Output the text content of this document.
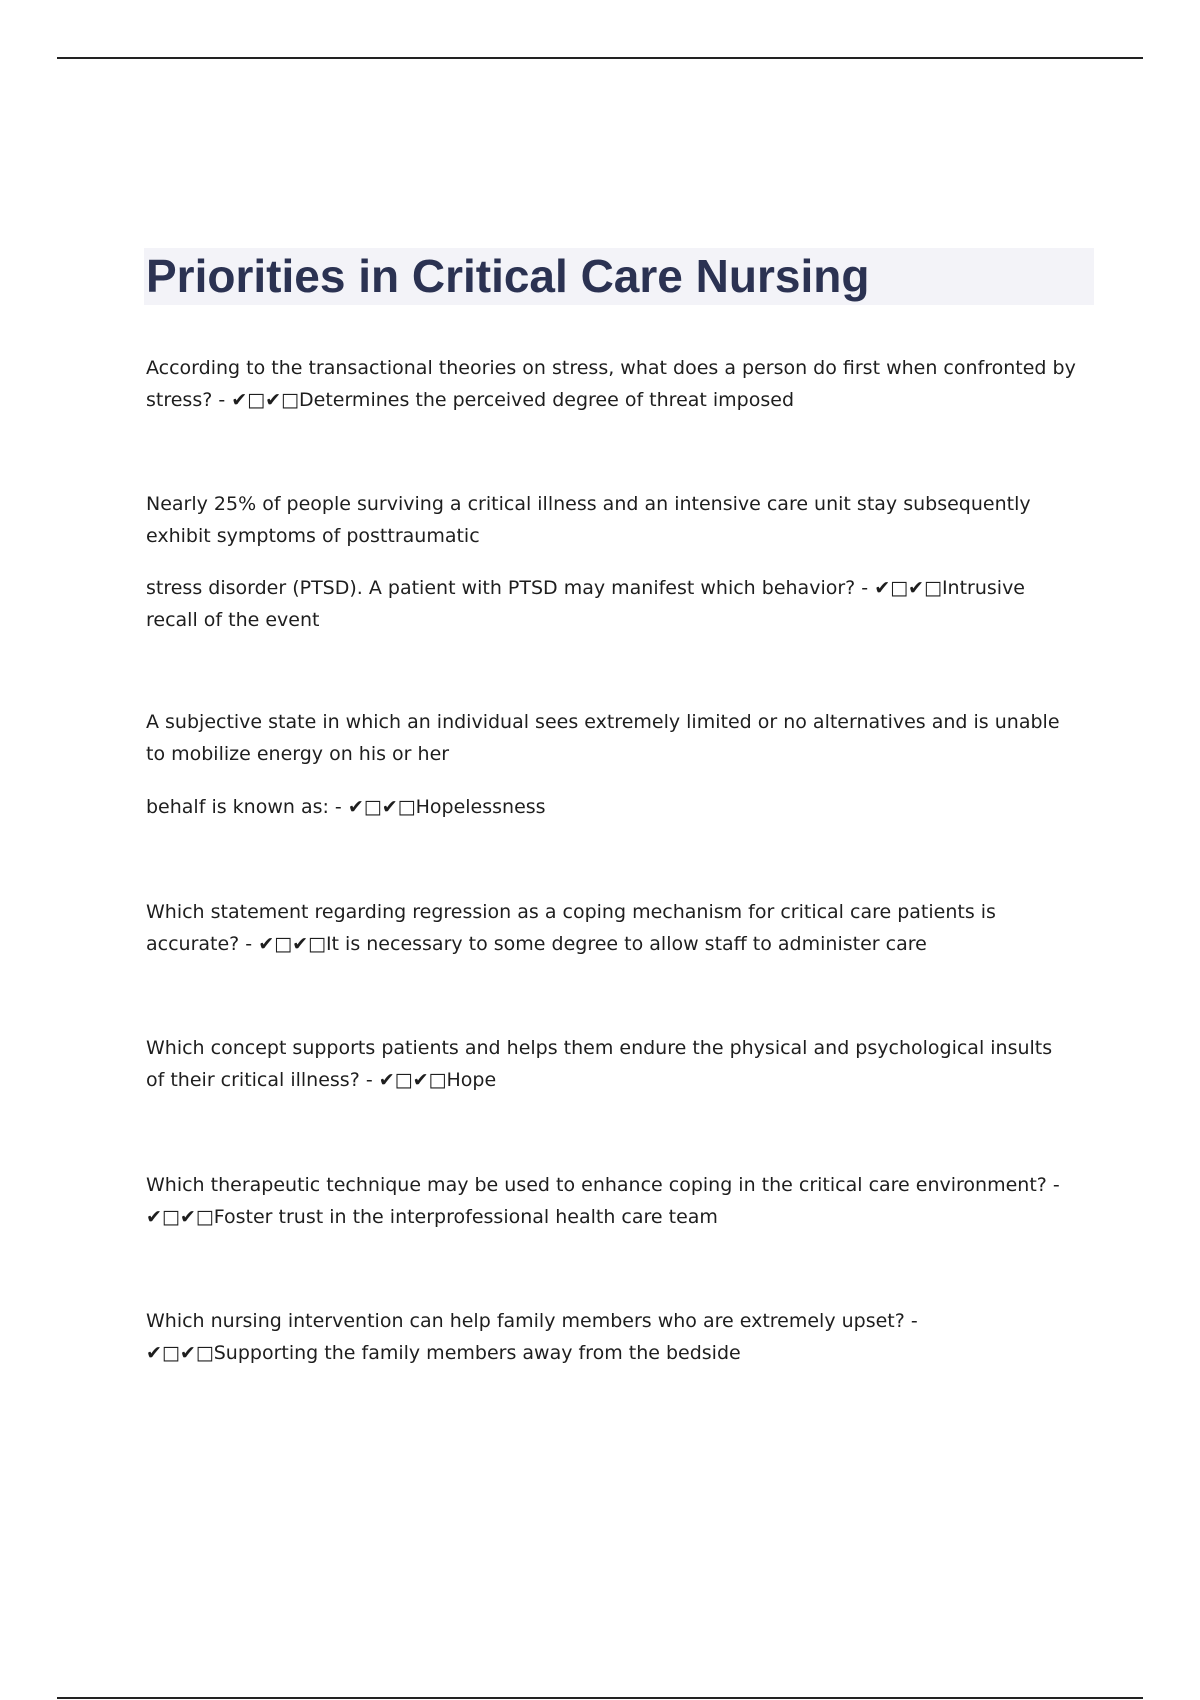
Priorities in Critical Care Nursing

According to the transactional theories on stress, what does a person do first when confronted by stress? - ✔□✔□Determines the perceived degree of threat imposed

Nearly 25% of people surviving a critical illness and an intensive care unit stay subsequently exhibit symptoms of posttraumatic

stress disorder (PTSD). A patient with PTSD may manifest which behavior? - ✔□✔□Intrusive recall of the event

A subjective state in which an individual sees extremely limited or no alternatives and is unable to mobilize energy on his or her

behalf is known as: - ✔□✔□Hopelessness

Which statement regarding regression as a coping mechanism for critical care patients is accurate? - ✔□✔□It is necessary to some degree to allow staff to administer care

Which concept supports patients and helps them endure the physical and psychological insults of their critical illness? - ✔□✔□Hope

Which therapeutic technique may be used to enhance coping in the critical care environment? - ✔□✔□Foster trust in the interprofessional health care team

Which nursing intervention can help family members who are extremely upset? - ✔□✔□Supporting the family members away from the bedside
